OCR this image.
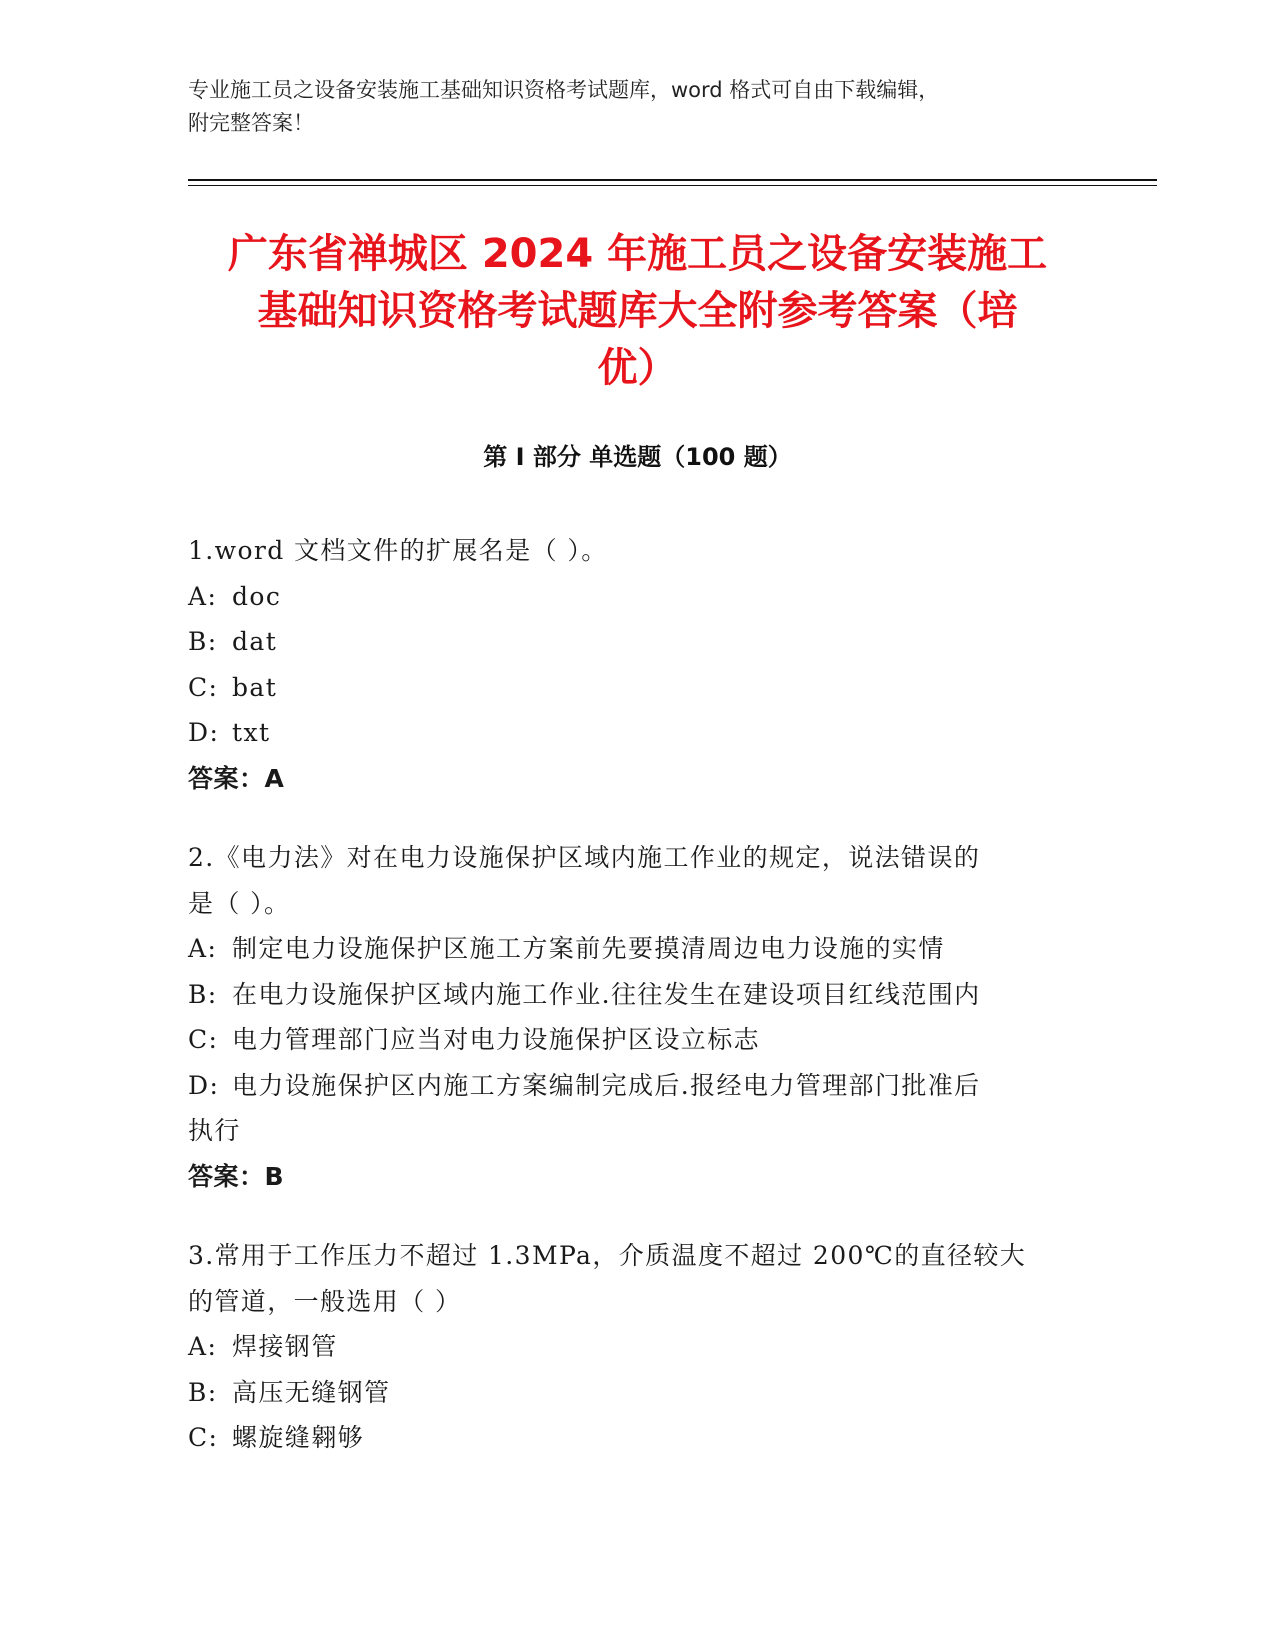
专业施工员之设备安装施工基础知识资格考试题库，word 格式可自由下载编辑，
附完整答案！
广东省禅城区 2024 年施工员之设备安装施工
基础知识资格考试题库大全附参考答案（培
优）
第 I 部分 单选题（100 题）

1.word 文档文件的扩展名是（ ）。

A: doc

B: dat

C: bat

D: txt

答案：A

2.《电力法》对在电力设施保护区域内施工作业的规定，说法错误的

是（ ）。

A: 制定电力设施保护区施工方案前先要摸清周边电力设施的实情

B: 在电力设施保护区域内施工作业.往往发生在建设项目红线范围内

C: 电力管理部门应当对电力设施保护区设立标志

D: 电力设施保护区内施工方案编制完成后.报经电力管理部门批准后

执行

答案：B

3.常用于工作压力不超过 1.3MPa，介质温度不超过 200℃的直径较大

的管道，一般选用（ ）

A: 焊接钢管

B: 高压无缝钢管

C: 螺旋缝翱够
